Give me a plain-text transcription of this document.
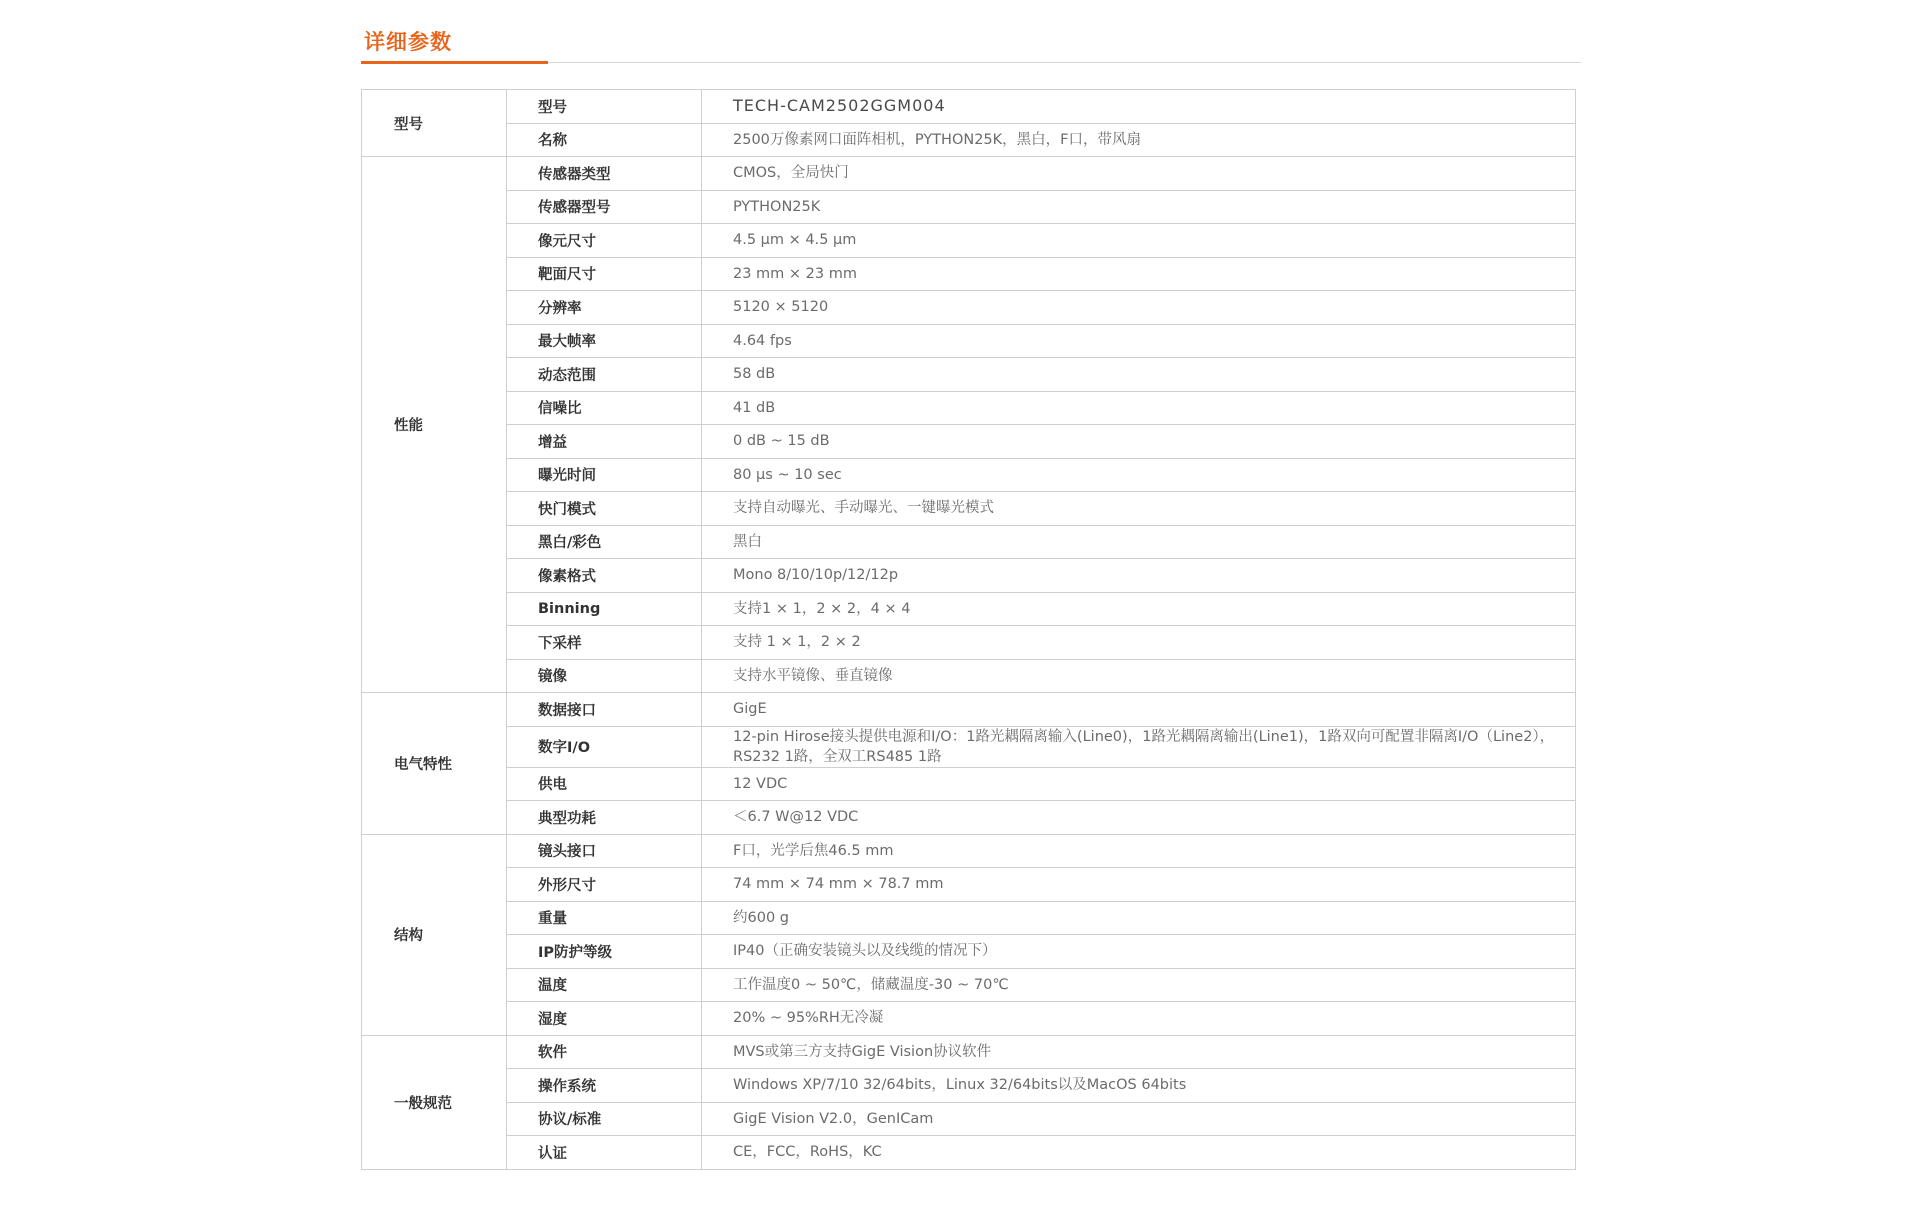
详细参数
型号	型号	TECH-CAM2502GGM004
	名称	2500万像素网口面阵相机，PYTHON25K，黑白，F口，带风扇
性能	传感器类型	CMOS，全局快门
	传感器型号	PYTHON25K
	像元尺寸	4.5 µm × 4.5 µm
	靶面尺寸	23 mm × 23 mm
	分辨率	5120 × 5120
	最大帧率	4.64 fps
	动态范围	58 dB
	信噪比	41 dB
	增益	0 dB ~ 15 dB
	曝光时间	80 µs ~ 10 sec
	快门模式	支持自动曝光、手动曝光、一键曝光模式
	黑白/彩色	黑白
	像素格式	Mono 8/10/10p/12/12p
	Binning	支持1 × 1，2 × 2，4 × 4
	下采样	支持 1 × 1，2 × 2
	镜像	支持水平镜像、垂直镜像
电气特性	数据接口	GigE
	数字I/O	12-pin Hirose接头提供电源和I/O：1路光耦隔离输入(Line0)，1路光耦隔离输出(Line1)，1路双向可配置非隔离I/O（Line2），RS232 1路，全双工RS485 1路
	供电	12 VDC
	典型功耗	＜6.7 W@12 VDC
结构	镜头接口	F口，光学后焦46.5 mm
	外形尺寸	74 mm × 74 mm × 78.7 mm
	重量	约600 g
	IP防护等级	IP40（正确安装镜头以及线缆的情况下）
	温度	工作温度0 ~ 50℃，储藏温度-30 ~ 70℃
	湿度	20% ~ 95%RH无冷凝
一般规范	软件	MVS或第三方支持GigE Vision协议软件
	操作系统	Windows XP/7/10 32/64bits，Linux 32/64bits以及MacOS 64bits
	协议/标准	GigE Vision V2.0，GenICam
	认证	CE，FCC，RoHS，KC
